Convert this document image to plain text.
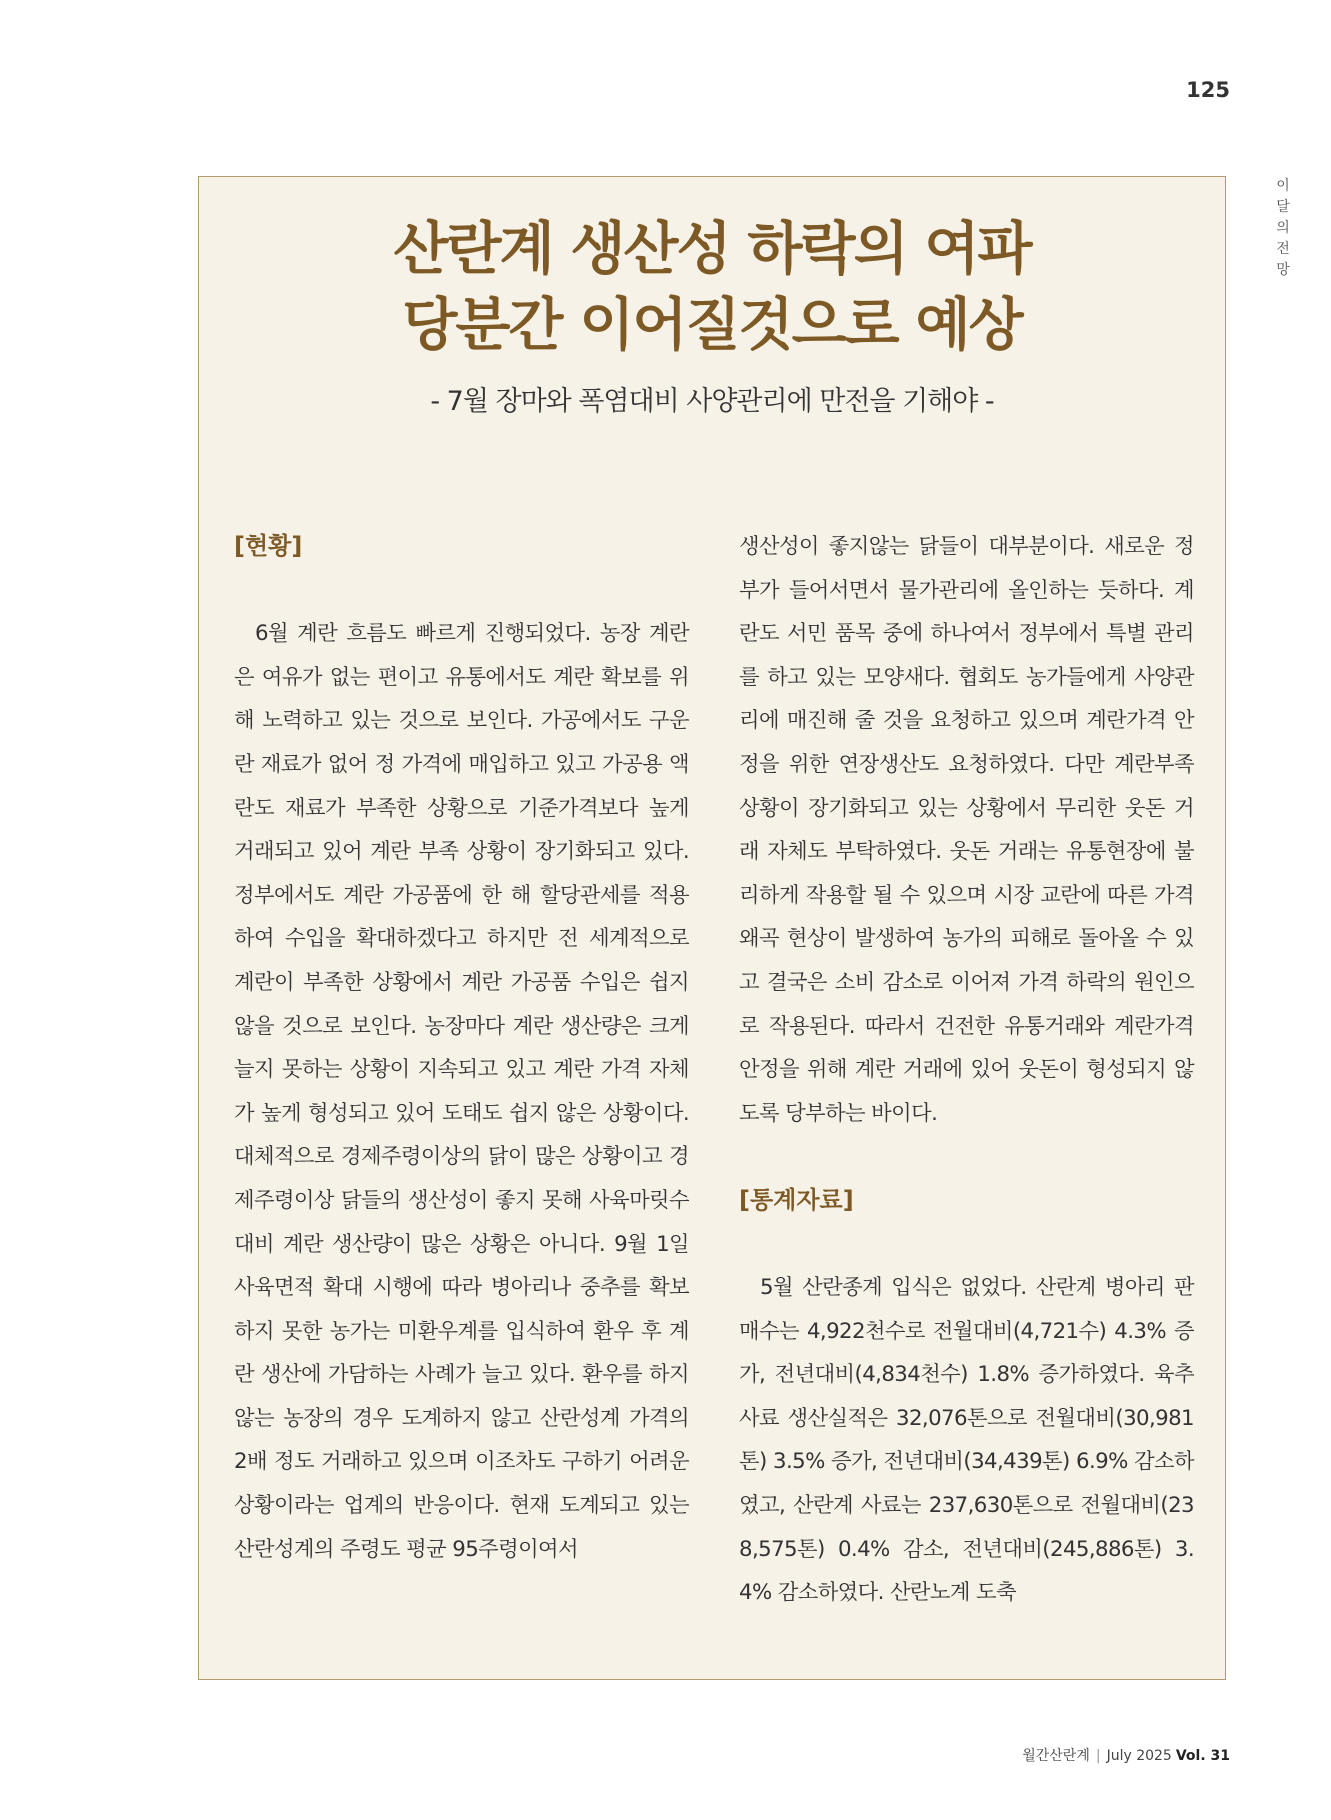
125
이달의 전망
산란계 생산성 하락의 여파
당분간 이어질것으로 예상
- 7월 장마와 폭염대비 사양관리에 만전을 기해야 -
[현황]
6월 계란 흐름도 빠르게 진행되었다. 농장 계란은 여유가 없는 편이고 유통에서도 계란 확보를 위해 노력하고 있는 것으로 보인다. 가공에서도 구운란 재료가 없어 정 가격에 매입하고 있고 가공용 액란도 재료가 부족한 상황으로 기준가격보다 높게 거래되고 있어 계란 부족 상황이 장기화되고 있다. 정부에서도 계란 가공품에 한 해 할당관세를 적용하여 수입을 확대하겠다고 하지만 전 세계적으로 계란이 부족한 상황에서 계란 가공품 수입은 쉽지 않을 것으로 보인다. 농장마다 계란 생산량은 크게 늘지 못하는 상황이 지속되고 있고 계란 가격 자체가 높게 형성되고 있어 도태도 쉽지 않은 상황이다. 대체적으로 경제주령이상의 닭이 많은 상황이고 경제주령이상 닭들의 생산성이 좋지 못해 사육마릿수 대비 계란 생산량이 많은 상황은 아니다. 9월 1일 사육면적 확대 시행에 따라 병아리나 중추를 확보하지 못한 농가는 미환우계를 입식하여 환우 후 계란 생산에 가담하는 사례가 늘고 있다. 환우를 하지 않는 농장의 경우 도계하지 않고 산란성계 가격의 2배 정도 거래하고 있으며 이조차도 구하기 어려운 상황이라는 업계의 반응이다. 현재 도계되고 있는 산란성계의 주령도 평균 95주령이여서
생산성이 좋지않는 닭들이 대부분이다. 새로운 정부가 들어서면서 물가관리에 올인하는 듯하다. 계란도 서민 품목 중에 하나여서 정부에서 특별 관리를 하고 있는 모양새다. 협회도 농가들에게 사양관리에 매진해 줄 것을 요청하고 있으며 계란가격 안정을 위한 연장생산도 요청하였다. 다만 계란부족 상황이 장기화되고 있는 상황에서 무리한 웃돈 거래 자체도 부탁하였다. 웃돈 거래는 유통현장에 불리하게 작용할 될 수 있으며 시장 교란에 따른 가격 왜곡 현상이 발생하여 농가의 피해로 돌아올 수 있고 결국은 소비 감소로 이어져 가격 하락의 원인으로 작용된다. 따라서 건전한 유통거래와 계란가격 안정을 위해 계란 거래에 있어 웃돈이 형성되지 않도록 당부하는 바이다.
[통계자료]
5월 산란종계 입식은 없었다. 산란계 병아리 판매수는 4,922천수로 전월대비(4,721수) 4.3% 증가, 전년대비(4,834천수) 1.8% 증가하였다. 육추 사료 생산실적은 32,076톤으로 전월대비(30,981톤) 3.5% 증가, 전년대비(34,439톤) 6.9% 감소하였고, 산란계 사료는 237,630톤으로 전월대비(238,575톤) 0.4% 감소, 전년대비(245,886톤) 3.4% 감소하였다. 산란노계 도축
월간산란계 | July 2025 Vol. 31
